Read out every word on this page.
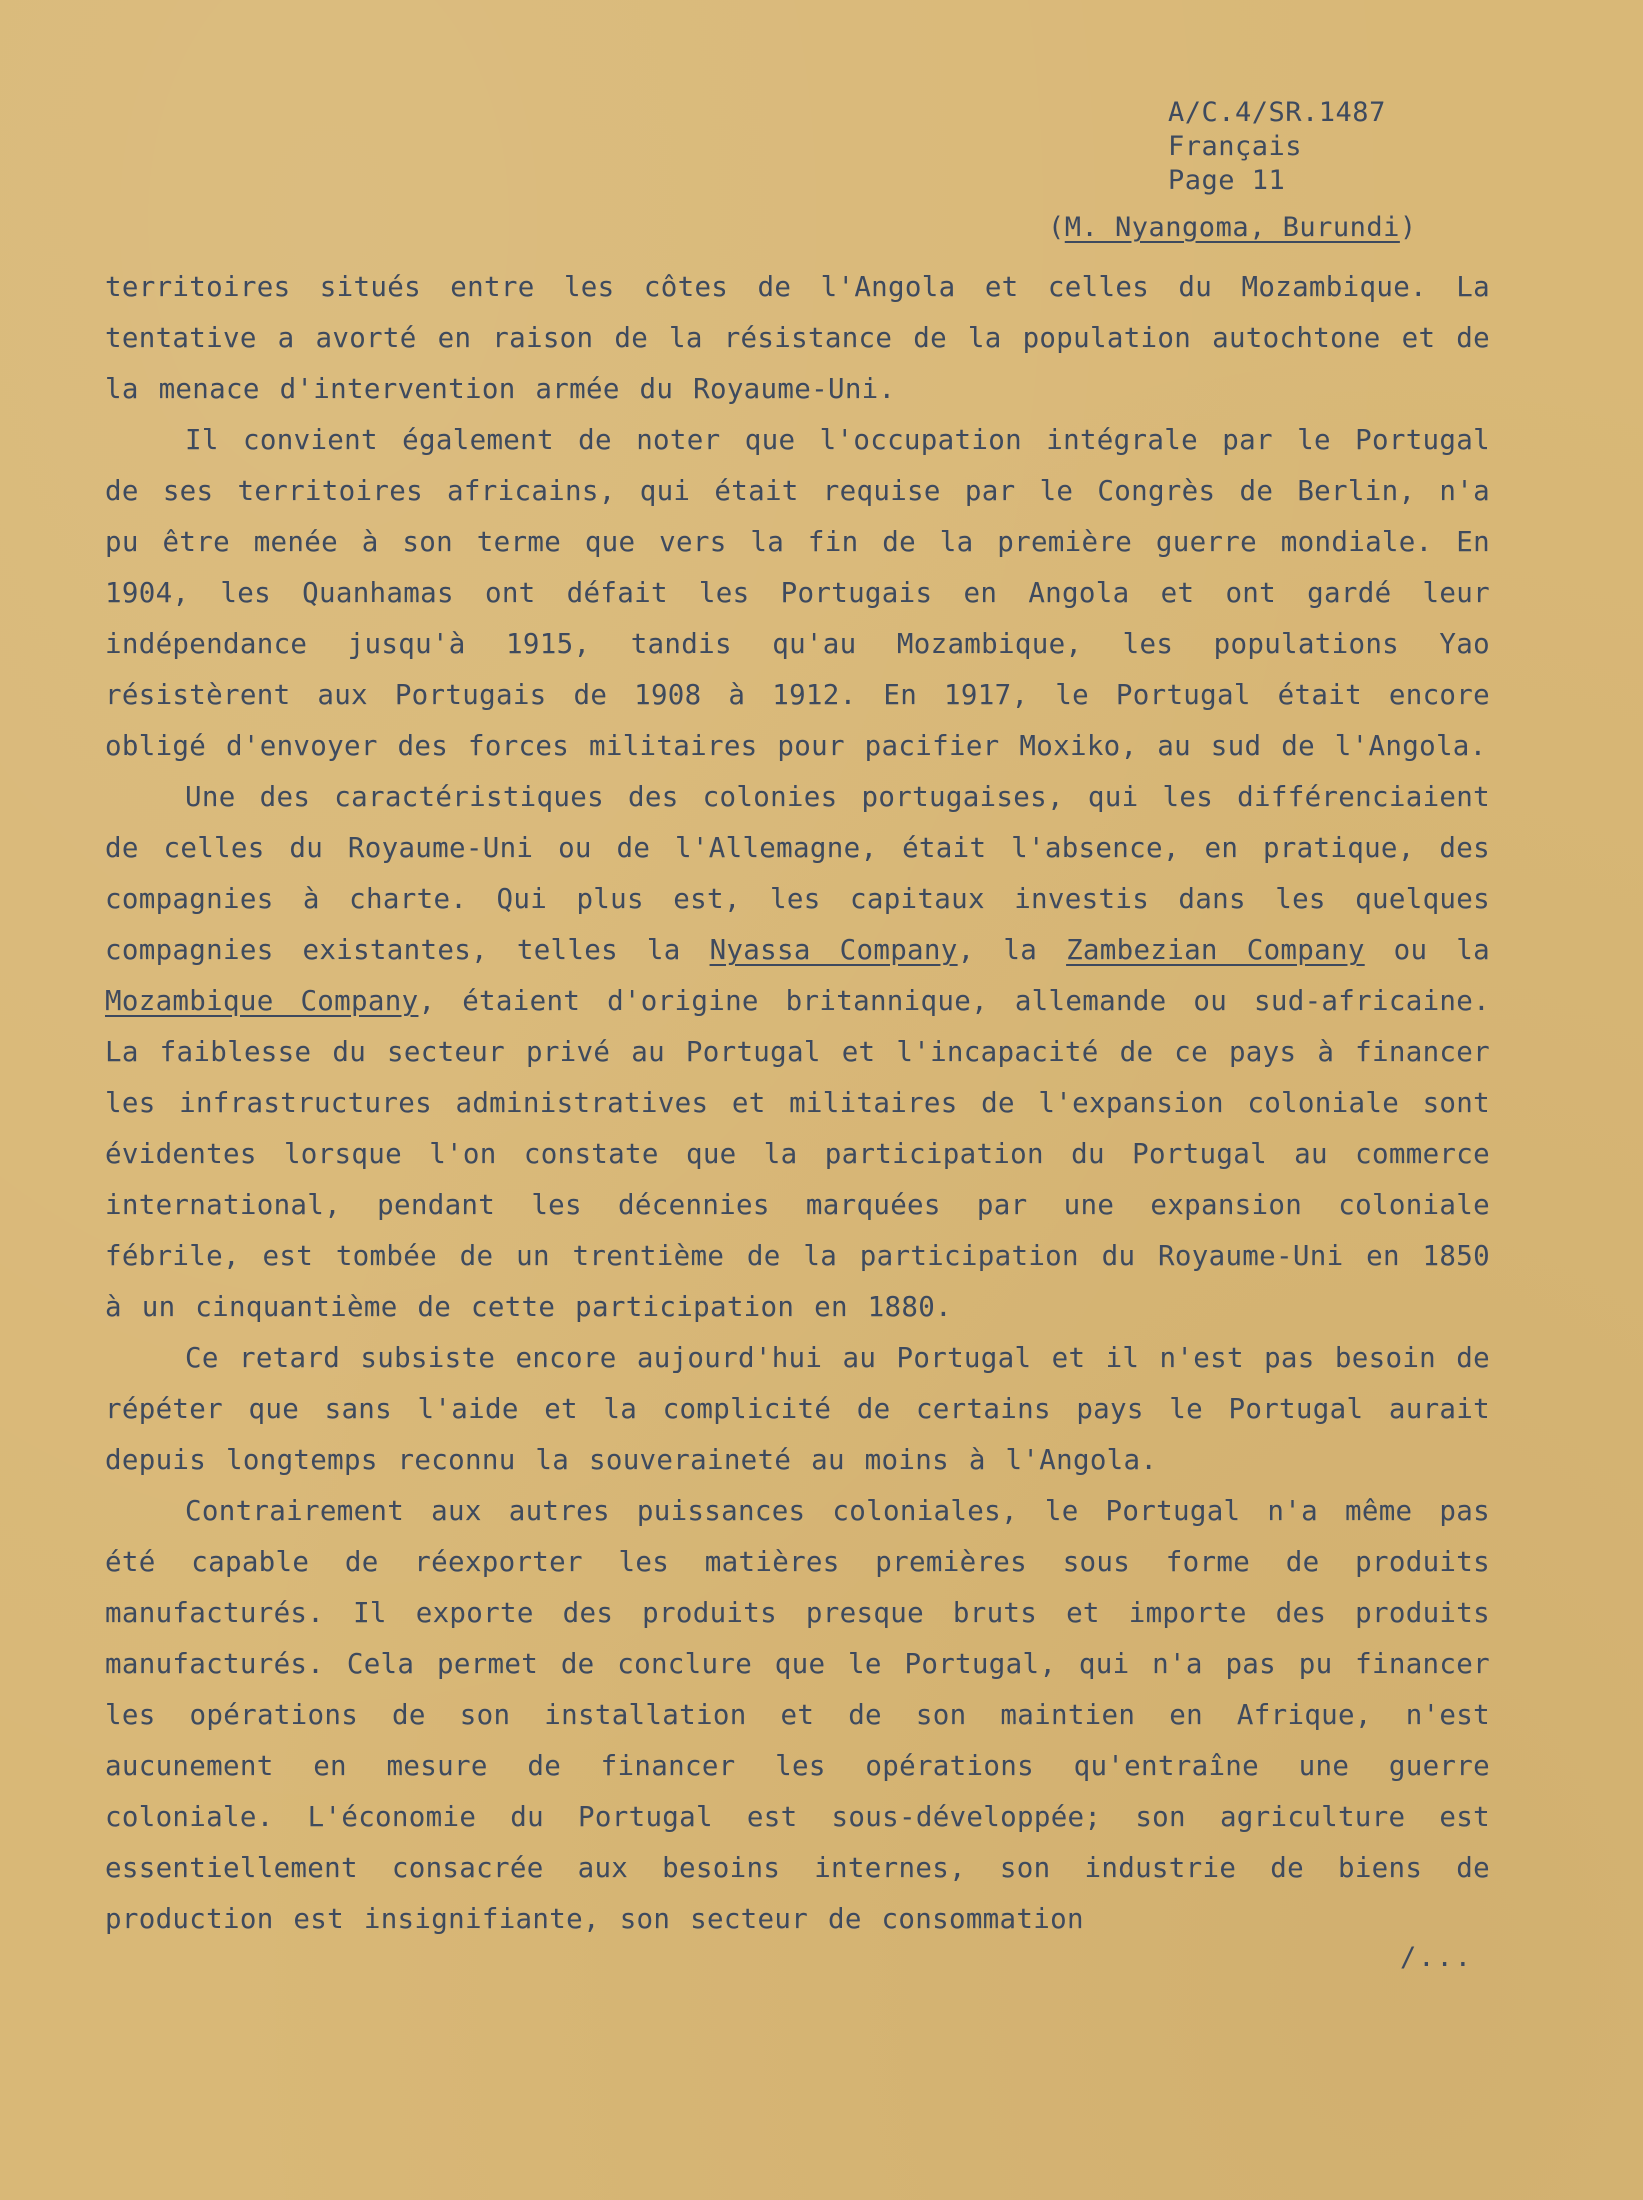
A/C.4/SR.1487
Français
Page 11
(M. Nyangoma, Burundi)

territoires situés entre les côtes de l'Angola et celles du Mozambique. La tentative a avorté en raison de la résistance de la population autochtone et de la menace d'intervention armée du Royaume-Uni.

Il convient également de noter que l'occupation intégrale par le Portugal de ses territoires africains, qui était requise par le Congrès de Berlin, n'a pu être menée à son terme que vers la fin de la première guerre mondiale. En 1904, les Quanhamas ont défait les Portugais en Angola et ont gardé leur indépendance jusqu'à 1915, tandis qu'au Mozambique, les populations Yao résistèrent aux Portugais de 1908 à 1912. En 1917, le Portugal était encore obligé d'envoyer des forces militaires pour pacifier Moxiko, au sud de l'Angola.

Une des caractéristiques des colonies portugaises, qui les différenciaient de celles du Royaume-Uni ou de l'Allemagne, était l'absence, en pratique, des compagnies à charte. Qui plus est, les capitaux investis dans les quelques compagnies existantes, telles la Nyassa Company, la Zambezian Company ou la Mozambique Company, étaient d'origine britannique, allemande ou sud-africaine. La faiblesse du secteur privé au Portugal et l'incapacité de ce pays à financer les infrastructures administratives et militaires de l'expansion coloniale sont évidentes lorsque l'on constate que la participation du Portugal au commerce international, pendant les décennies marquées par une expansion coloniale fébrile, est tombée de un trentième de la participation du Royaume-Uni en 1850 à un cinquantième de cette participation en 1880.

Ce retard subsiste encore aujourd'hui au Portugal et il n'est pas besoin de répéter que sans l'aide et la complicité de certains pays le Portugal aurait depuis longtemps reconnu la souveraineté au moins à l'Angola.

Contrairement aux autres puissances coloniales, le Portugal n'a même pas été capable de réexporter les matières premières sous forme de produits manufacturés. Il exporte des produits presque bruts et importe des produits manufacturés. Cela permet de conclure que le Portugal, qui n'a pas pu financer les opérations de son installation et de son maintien en Afrique, n'est aucunement en mesure de financer les opérations qu'entraîne une guerre coloniale. L'économie du Portugal est sous-développée; son agriculture est essentiellement consacrée aux besoins internes, son industrie de biens de production est insignifiante, son secteur de consommation

/...
